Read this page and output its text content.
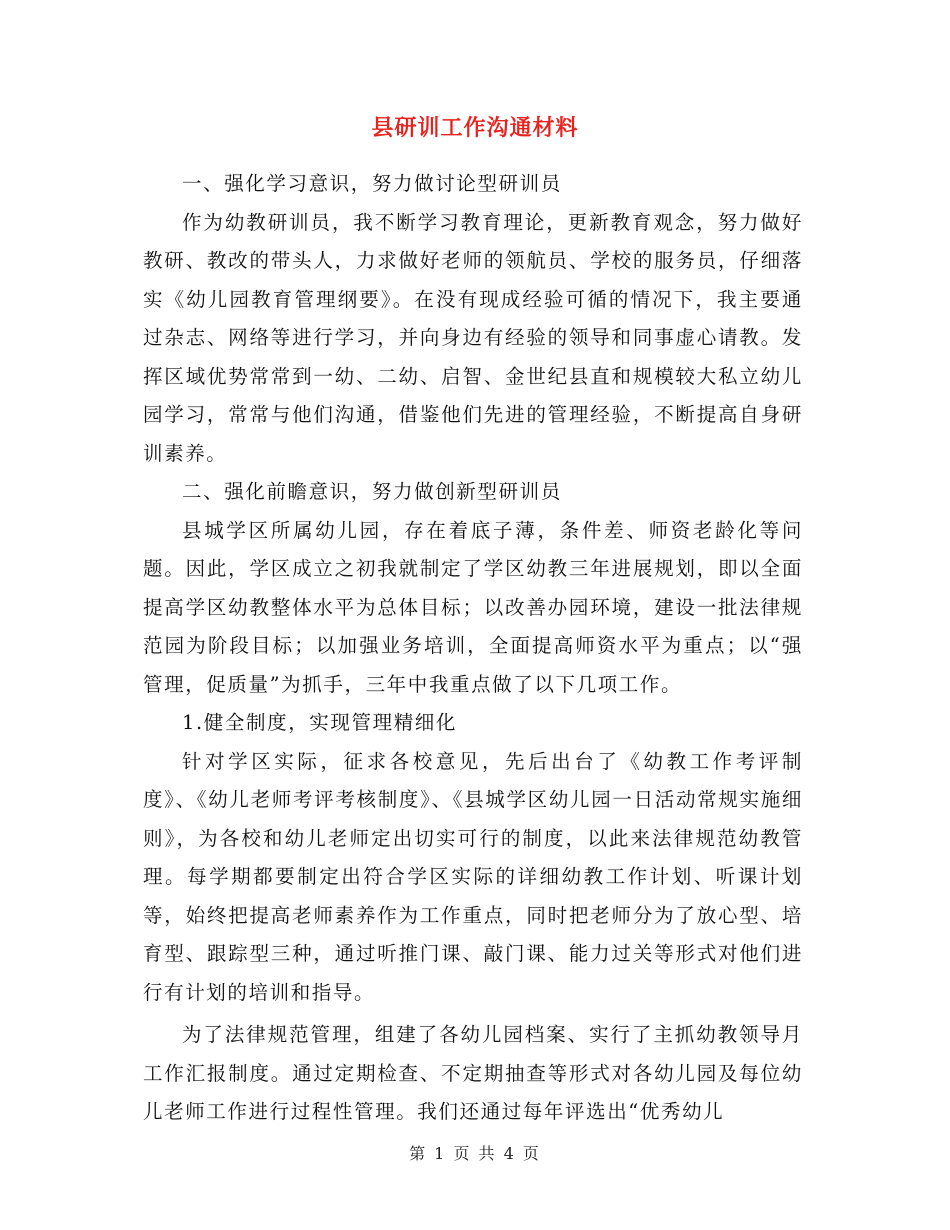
县研训工作沟通材料

一、强化学习意识，努力做讨论型研训员

作为幼教研训员，我不断学习教育理论，更新教育观念，努力做好教研、教改的带头人，力求做好老师的领航员、学校的服务员，仔细落实《幼儿园教育管理纲要》。在没有现成经验可循的情况下，我主要通过杂志、网络等进行学习，并向身边有经验的领导和同事虚心请教。发挥区域优势常常到一幼、二幼、启智、金世纪县直和规模较大私立幼儿园学习，常常与他们沟通，借鉴他们先进的管理经验，不断提高自身研训素养。

二、强化前瞻意识，努力做创新型研训员

县城学区所属幼儿园，存在着底子薄，条件差、师资老龄化等问题。因此，学区成立之初我就制定了学区幼教三年进展规划，即以全面提高学区幼教整体水平为总体目标；以改善办园环境，建设一批法律规范园为阶段目标；以加强业务培训，全面提高师资水平为重点；以“强管理，促质量”为抓手，三年中我重点做了以下几项工作。

1.健全制度，实现管理精细化

针对学区实际，征求各校意见，先后出台了《幼教工作考评制度》、《幼儿老师考评考核制度》、《县城学区幼儿园一日活动常规实施细则》，为各校和幼儿老师定出切实可行的制度，以此来法律规范幼教管理。每学期都要制定出符合学区实际的详细幼教工作计划、听课计划等，始终把提高老师素养作为工作重点，同时把老师分为了放心型、培育型、跟踪型三种，通过听推门课、敲门课、能力过关等形式对他们进行有计划的培训和指导。

为了法律规范管理，组建了各幼儿园档案、实行了主抓幼教领导月工作汇报制度。通过定期检查、不定期抽查等形式对各幼儿园及每位幼儿老师工作进行过程性管理。我们还通过每年评选出“优秀幼儿

第 1 页 共 4 页
